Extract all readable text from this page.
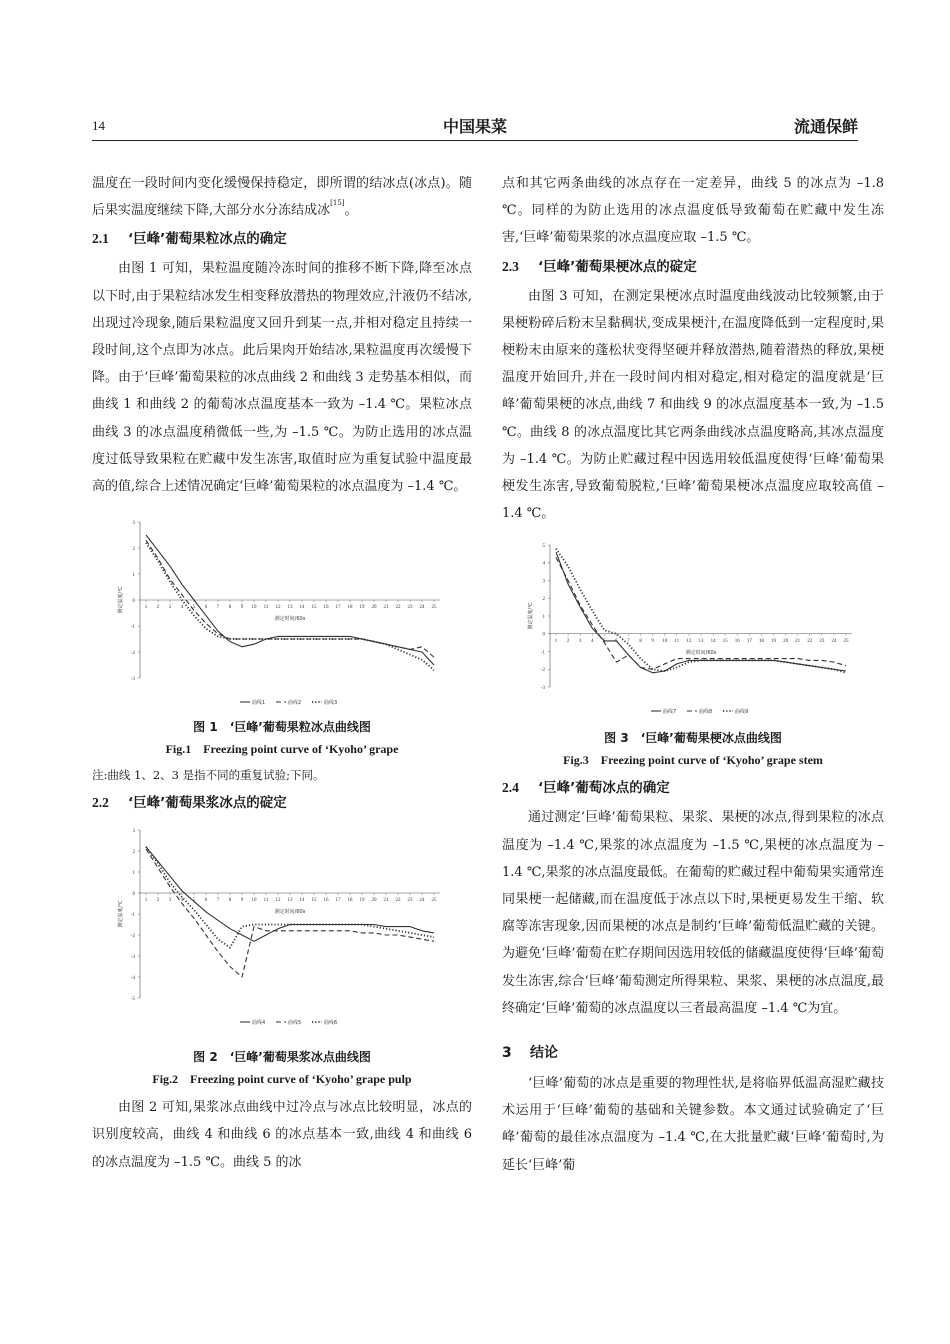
14	中国果菜	流通保鲜

温度在一段时间内变化缓慢保持稳定，即所谓的结冰点(冰点)。随后果实温度继续下降,大部分水分冻结成冰[15]。

2.1 ‘巨峰’葡萄果粒冰点的确定

由图 1 可知，果粒温度随冷冻时间的推移不断下降,降至冰点以下时,由于果粒结冰发生相变释放潜热的物理效应,汁液仍不结冰,出现过冷现象,随后果粒温度又回升到某一点,并相对稳定且持续一段时间,这个点即为冰点。此后果肉开始结冰,果粒温度再次缓慢下降。由于‘巨峰’葡萄果粒的冰点曲线 2 和曲线 3 走势基本相似，而曲线 1 和曲线 2 的葡萄冰点温度基本一致为 –1.4 ℃。果粒冰点曲线 3 的冰点温度稍微低一些,为 –1.5 ℃。为防止选用的冰点温度过低导致果粒在贮藏中发生冻害,取值时应为重复试验中温度最高的值,综合上述情况确定‘巨峰’葡萄果粒的冰点温度为 –1.4 ℃。

3
2
1
0
-1
-2
-3
1 2 3 4 5 6 7 8 9 10 11 12 13 14 15 16 17 18 19 20 21 22 23 24 25
测定时间/60s
测定温度/℃
曲线1	曲线2	曲线3
图 1　‘巨峰’葡萄果粒冰点曲线图
Fig.1　Freezing point curve of ‘Kyoho’ grape
注:曲线 1、2、3 是指不同的重复试验;下同。
2.2 ‘巨峰’葡萄果浆冰点的碇定
3
2
1
0
-1
-2
-3
-4
-5
1 2 3 4 5 6 7 8 9 10 11 12 13 14 15 16 17 18 19 20 21 22 23 24 25
测定时间/60s
测定温度/℃
曲线4	曲线5	曲线6
图 2　‘巨峰’葡萄果浆冰点曲线图
Fig.2　Freezing point curve of ‘Kyoho’ grape pulp

由图 2 可知,果浆冰点曲线中过冷点与冰点比较明显，冰点的识别度较高，曲线 4 和曲线 6 的冰点基本一致,曲线 4 和曲线 6 的冰点温度为 –1.5 ℃。曲线 5 的冰

点和其它两条曲线的冰点存在一定差异，曲线 5 的冰点为 –1.8 ℃。同样的为防止选用的冰点温度低导致葡萄在贮藏中发生冻害,‘巨峰’葡萄果浆的冰点温度应取 –1.5 ℃。

2.3 ‘巨峰’葡萄果梗冰点的碇定

由图 3 可知，在测定果梗冰点时温度曲线波动比较频繁,由于果梗粉碎后粉末呈黏稠状,变成果梗汁,在温度降低到一定程度时,果梗粉末由原来的蓬松状变得坚硬并释放潜热,随着潜热的释放,果梗温度开始回升,并在一段时间内相对稳定,相对稳定的温度就是‘巨峰’葡萄果梗的冰点,曲线 7 和曲线 9 的冰点温度基本一致,为 –1.5 ℃。曲线 8 的冰点温度比其它两条曲线冰点温度略高,其冰点温度为 –1.4 ℃。为防止贮藏过程中因选用较低温度使得‘巨峰’葡萄果梗发生冻害,导致葡萄脱粒,‘巨峰’葡萄果梗冰点温度应取较高值 –1.4 ℃。

5
4
3
2
1
0
-1
-2
-3
1 2 3 4 5 6 7 8 9 10 11 12 13 14 15 16 17 18 19 20 21 22 23 24 25
测定时间/60s
测定温度/℃
曲线7	曲线8	曲线9
图 3　‘巨峰’葡萄果梗冰点曲线图
Fig.3　Freezing point curve of ‘Kyoho’ grape stem
2.4 ‘巨峰’葡萄冰点的确定

通过测定‘巨峰’葡萄果粒、果浆、果梗的冰点,得到果粒的冰点温度为 –1.4 ℃,果浆的冰点温度为 –1.5 ℃,果梗的冰点温度为 –1.4 ℃,果浆的冰点温度最低。在葡萄的贮藏过程中葡萄果实通常连同果梗一起储藏,而在温度低于冰点以下时,果梗更易发生干缩、软腐等冻害现象,因而果梗的冰点是制约‘巨峰’葡萄低温贮藏的关键。为避免‘巨峰’葡萄在贮存期间因选用较低的储藏温度使得‘巨峰’葡萄发生冻害,综合‘巨峰’葡萄测定所得果粒、果浆、果梗的冰点温度,最终确定‘巨峰’葡萄的冰点温度以三者最高温度 –1.4 ℃为宜。

3 结论

‘巨峰’葡萄的冰点是重要的物理性状,是将临界低温高湿贮藏技术运用于‘巨峰’葡萄的基础和关键参数。本文通过试验确定了‘巨峰’葡萄的最佳冰点温度为 –1.4 ℃,在大批量贮藏‘巨峰’葡萄时,为延长‘巨峰’葡
